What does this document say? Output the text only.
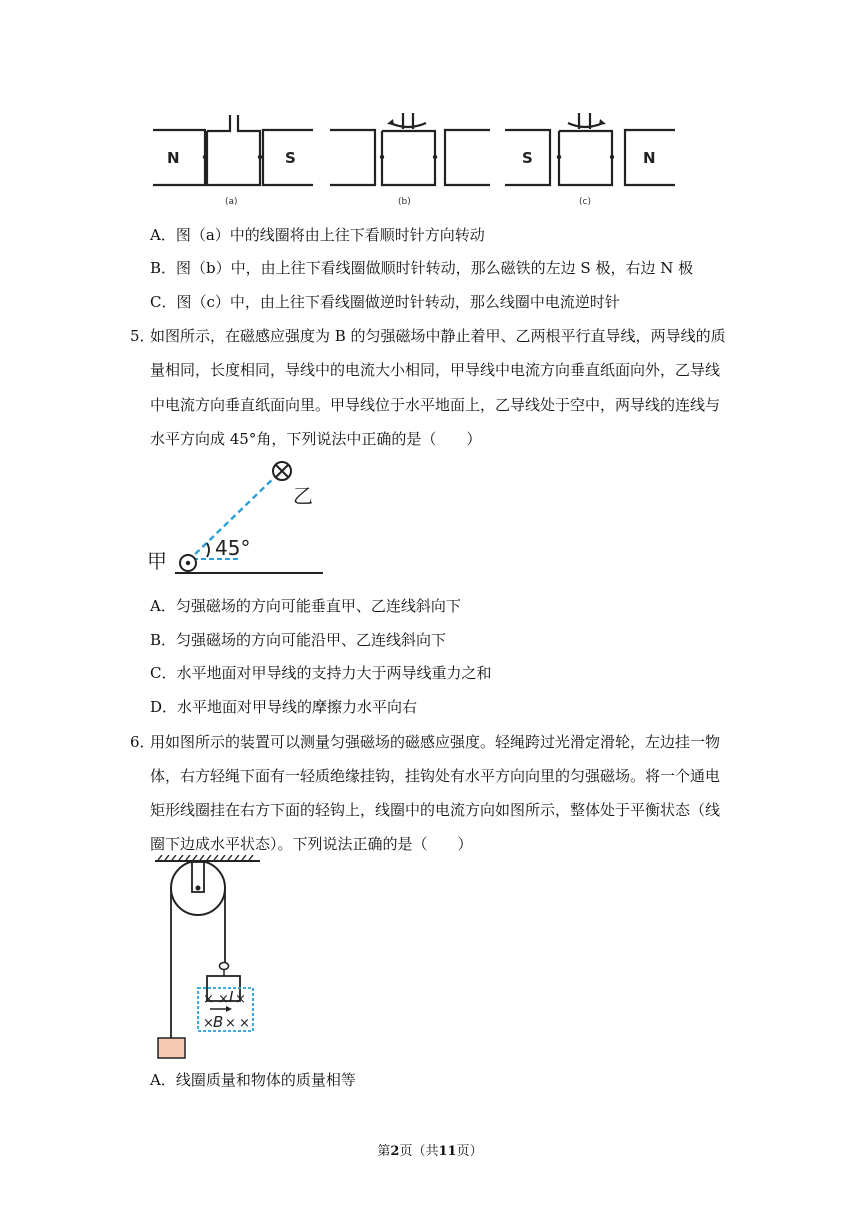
N	S	S	N
(a)	(b)	(c)
A．图（a）中的线圈将由上往下看顺时针方向转动
B．图（b）中，由上往下看线圈做顺时针转动，那么磁铁的左边 S 极，右边 N 极
C．图（c）中，由上往下看线圈做逆时针转动，那么线圈中电流逆时针
5．
如图所示，在磁感应强度为 B 的匀强磁场中静止着甲、乙两根平行直导线，两导线的质
量相同，长度相同，导线中的电流大小相同，甲导线中电流方向垂直纸面向外，乙导线
中电流方向垂直纸面向里。甲导线位于水平地面上，乙导线处于空中，两导线的连线与
水平方向成 45°角，下列说法中正确的是（　　）
45°
甲
乙
A．匀强磁场的方向可能垂直甲、乙连线斜向下
B．匀强磁场的方向可能沿甲、乙连线斜向下
C．水平地面对甲导线的支持力大于两导线重力之和
D．水平地面对甲导线的摩擦力水平向右
6．
用如图所示的装置可以测量匀强磁场的磁感应强度。轻绳跨过光滑定滑轮，左边挂一物
体，右方轻绳下面有一轻质绝缘挂钩，挂钩处有水平方向向里的匀强磁场。将一个通电
矩形线圈挂在右方下面的轻钩上，线圈中的电流方向如图所示，整体处于平衡状态（线
圈下边成水平状态）。下列说法正确的是（　　）
× × ×
× × ×
I
B
A．线圈质量和物体的质量相等
第2页（共11页）
